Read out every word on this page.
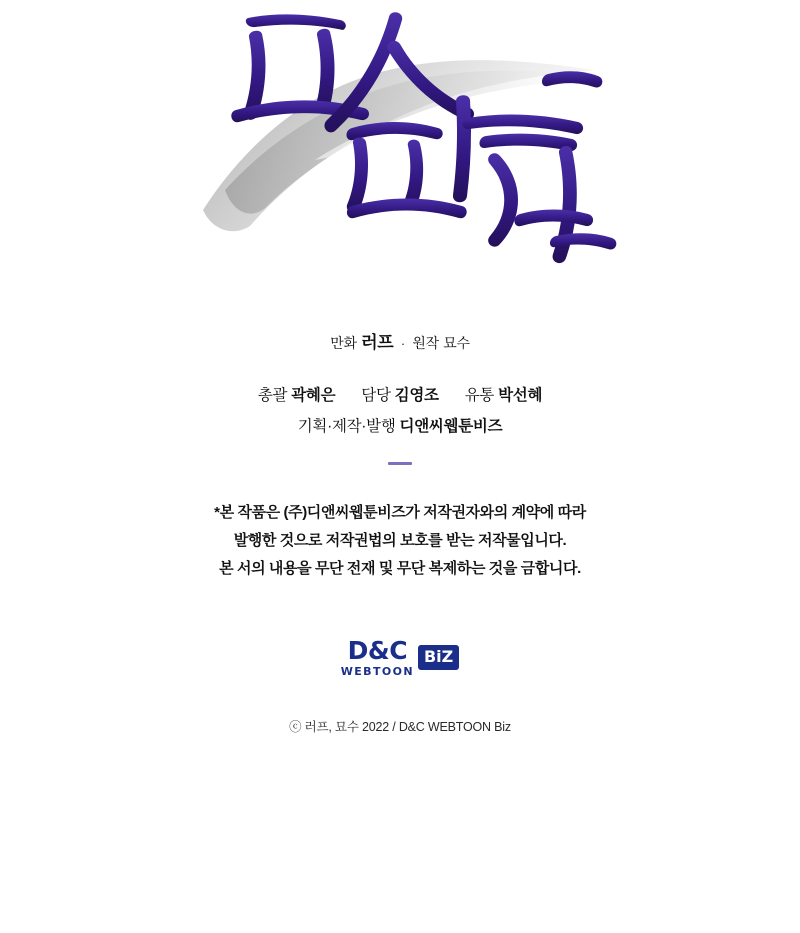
만화 러프 · 원작 묘수
총괄 곽혜은 담당 김영조 유통 박선혜
기획·제작·발행 디앤씨웹툰비즈
*본 작품은 (주)디앤씨웹툰비즈가 저작권자와의 계약에 따라
발행한 것으로 저작권법의 보호를 받는 저작물입니다.
본 서의 내용을 무단 전재 및 무단 복제하는 것을 금합니다.
D&C
WEBTOON
BiZ
ⓒ 러프, 묘수 2022 / D&C WEBTOON Biz
